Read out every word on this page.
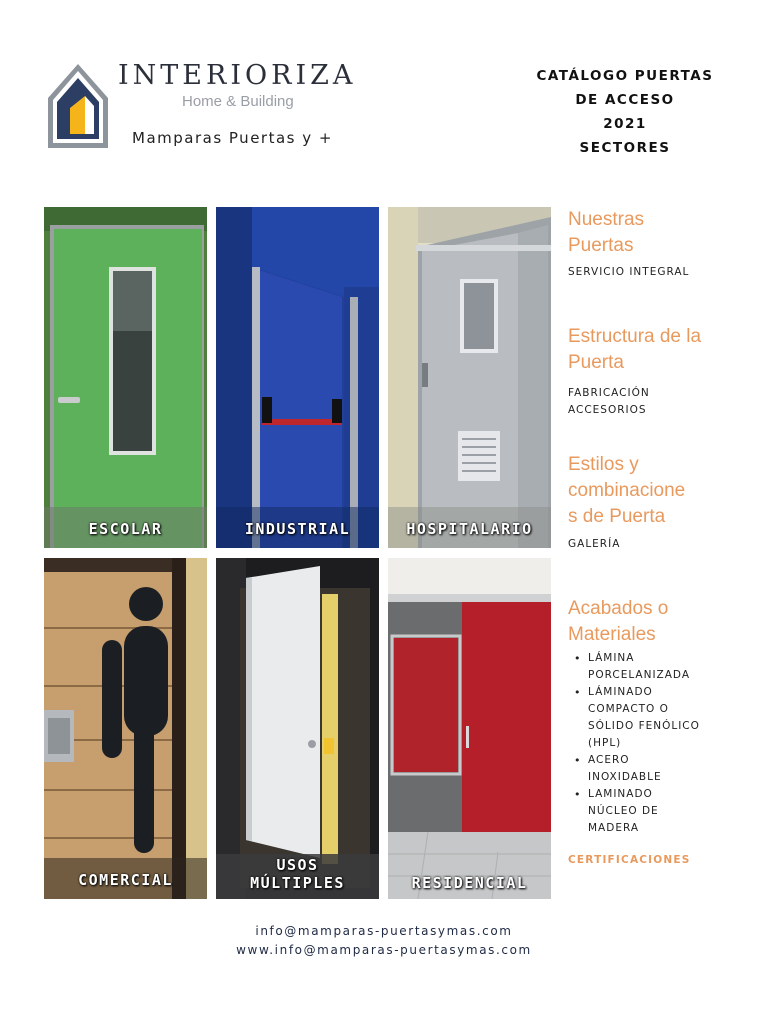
INTERIORIZA
Home & Building
Mamparas Puertas y +
CATÁLOGO PUERTAS
DE ACCESO
2021
SECTORES
ESCOLAR	INDUSTRIAL	HOSPITALARIO
COMERCIAL
USOS
MÚLTIPLES	RESIDENCIAL
Nuestras
Puertas
SERVICIO INTEGRAL
Estructura de la
Puerta
FABRICACIÓN
ACCESORIOS
Estilos y
combinacione
s de Puerta
GALERÍA
Acabados o
Materiales
• LÁMINA
PORCELANIZADA
• LÁMINADO
COMPACTO O
SÓLIDO FENÓLICO
(HPL)
• ACERO
INOXIDABLE
• LAMINADO
NÚCLEO DE
MADERA
CERTIFICACIONES
info@mamparas-puertasymas.com
www.info@mamparas-puertasymas.com
